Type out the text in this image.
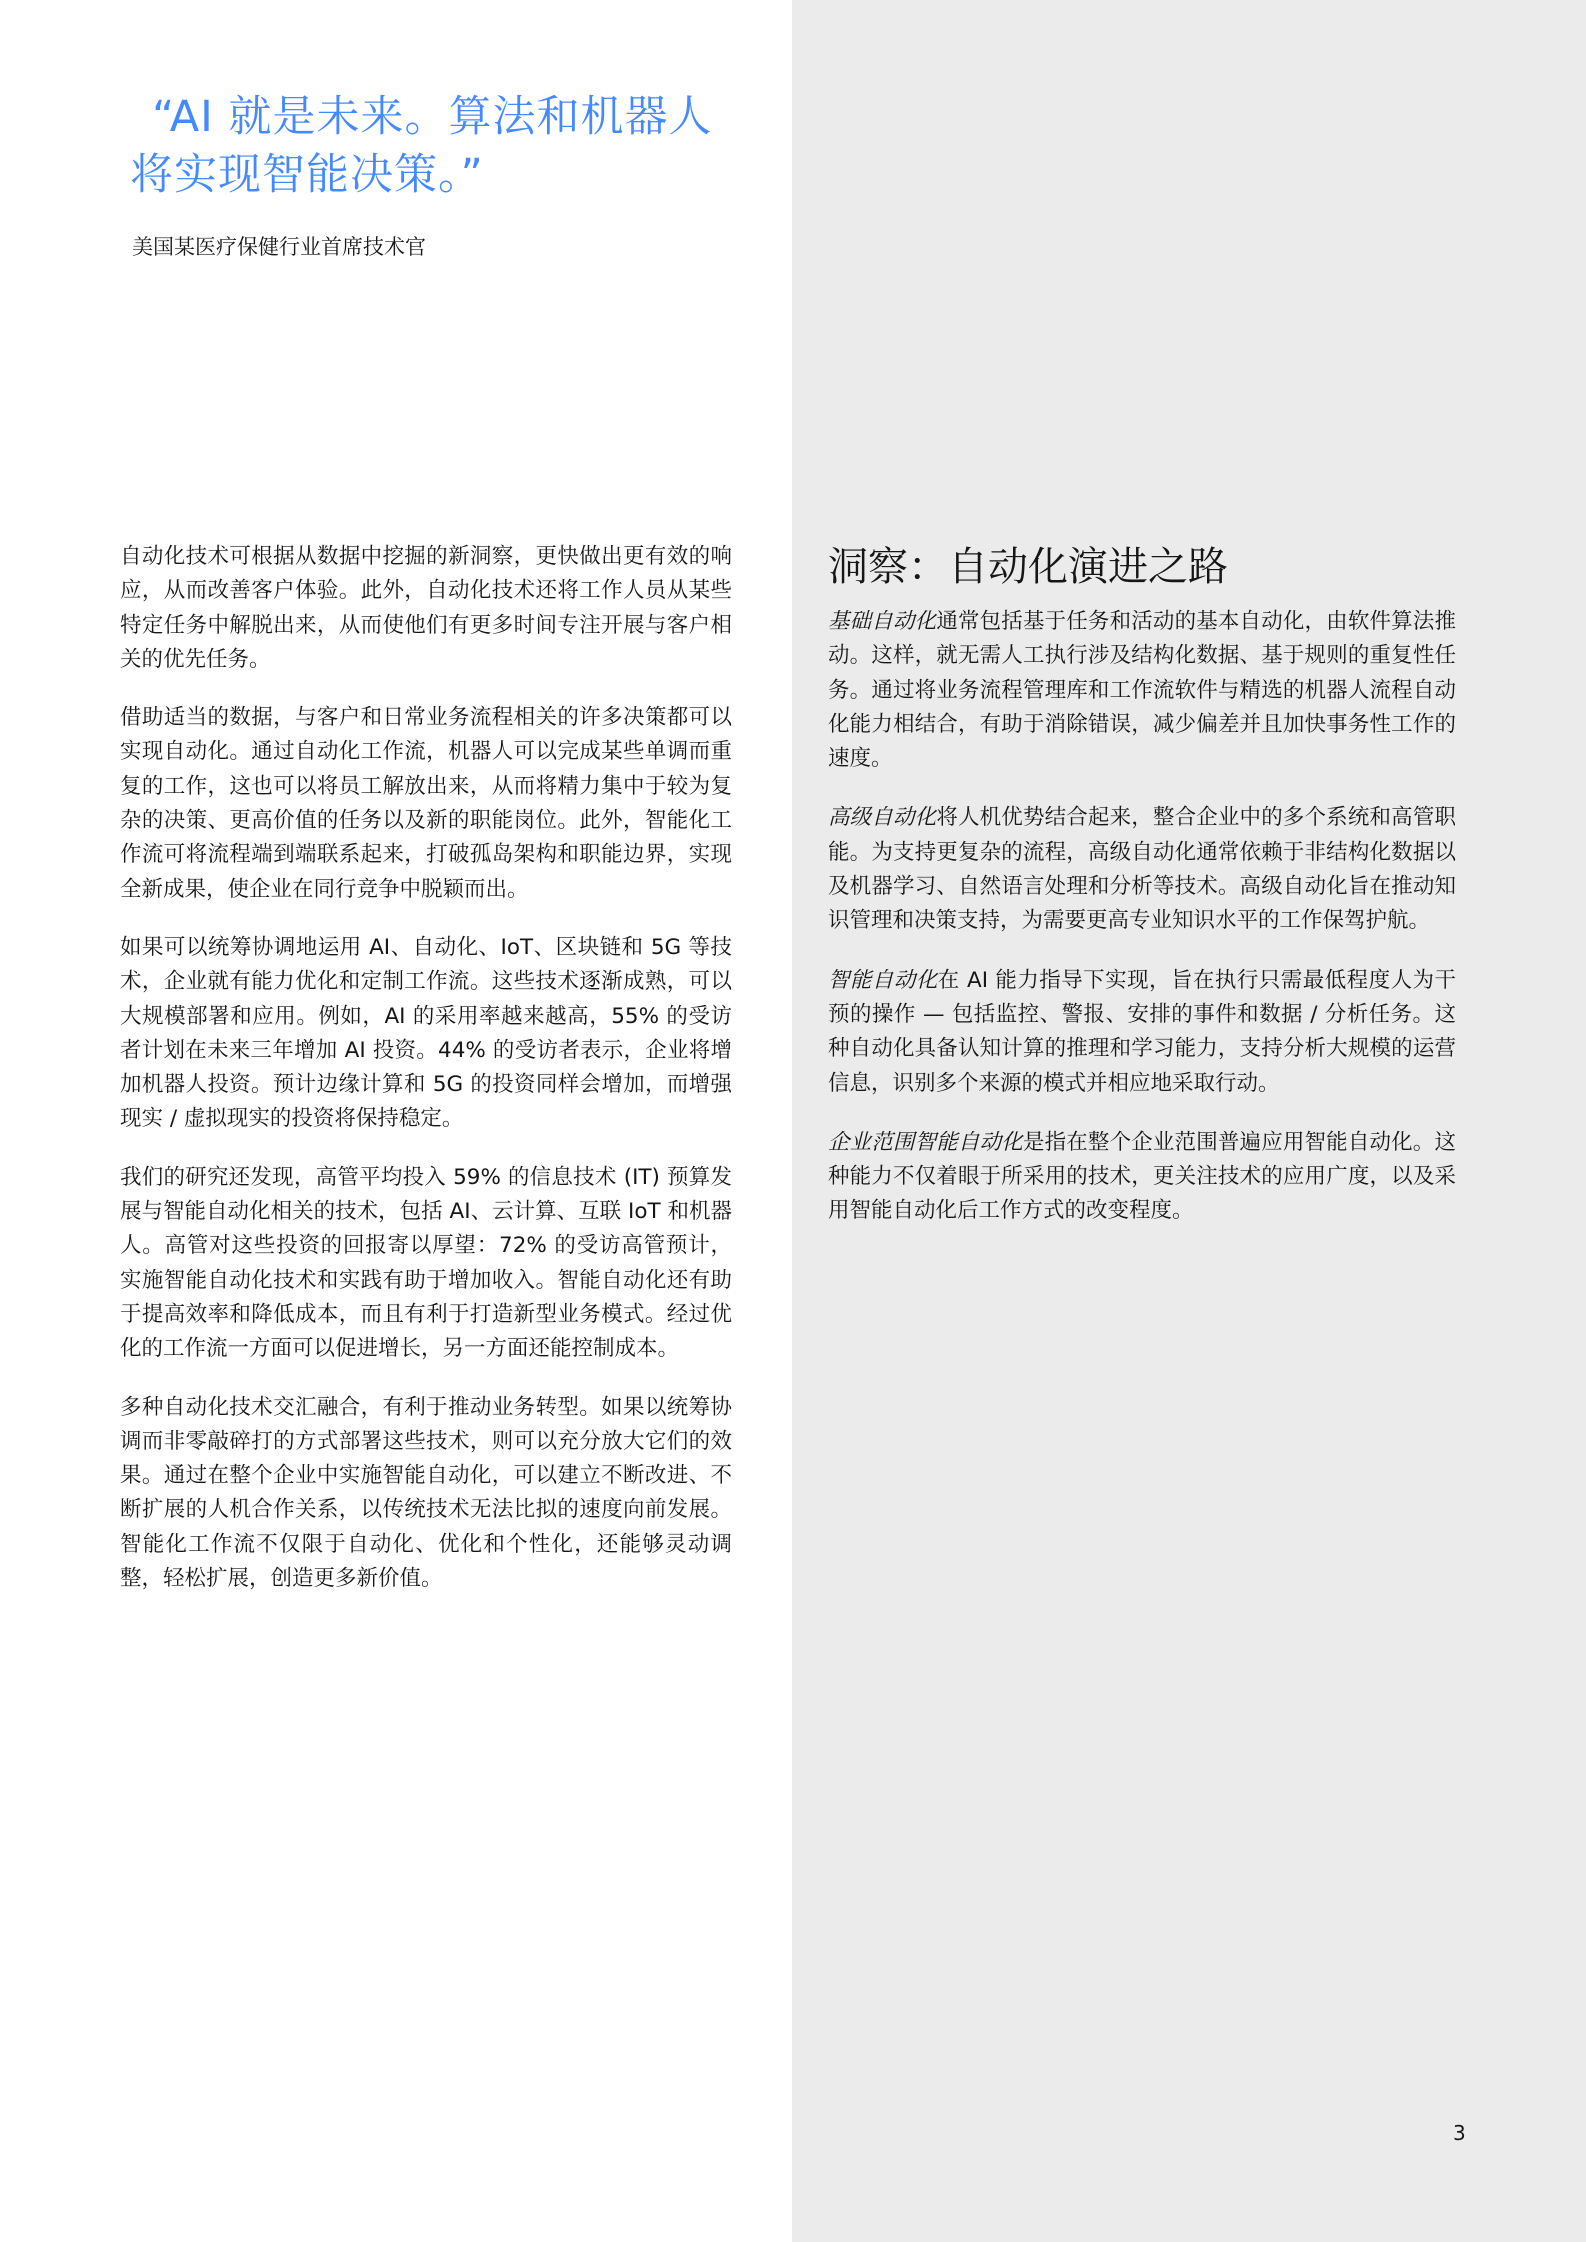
“AI 就是未来。算法和机器人将实现智能决策。”
美国某医疗保健行业首席技术官

自动化技术可根据从数据中挖掘的新洞察，更快做出更有效的响应，从而改善客户体验。此外，自动化技术还将工作人员从某些特定任务中解脱出来，从而使他们有更多时间专注开展与客户相关的优先任务。

借助适当的数据，与客户和日常业务流程相关的许多决策都可以实现自动化。通过自动化工作流，机器人可以完成某些单调而重复的工作，这也可以将员工解放出来，从而将精力集中于较为复杂的决策、更高价值的任务以及新的职能岗位。此外，智能化工作流可将流程端到端联系起来，打破孤岛架构和职能边界，实现全新成果，使企业在同行竞争中脱颖而出。

如果可以统筹协调地运用 AI、自动化、IoT、区块链和 5G 等技术，企业就有能力优化和定制工作流。这些技术逐渐成熟，可以大规模部署和应用。例如，AI 的采用率越来越高，55% 的受访者计划在未来三年增加 AI 投资。44% 的受访者表示，企业将增加机器人投资。预计边缘计算和 5G 的投资同样会增加，而增强现实 / 虚拟现实的投资将保持稳定。

我们的研究还发现，高管平均投入 59% 的信息技术 (IT) 预算发展与智能自动化相关的技术，包括 AI、云计算、互联 IoT 和机器人。高管对这些投资的回报寄以厚望：72% 的受访高管预计，实施智能自动化技术和实践有助于增加收入。智能自动化还有助于提高效率和降低成本，而且有利于打造新型业务模式。经过优化的工作流一方面可以促进增长，另一方面还能控制成本。

多种自动化技术交汇融合，有利于推动业务转型。如果以统筹协调而非零敲碎打的方式部署这些技术，则可以充分放大它们的效果。通过在整个企业中实施智能自动化，可以建立不断改进、不断扩展的人机合作关系，以传统技术无法比拟的速度向前发展。智能化工作流不仅限于自动化、优化和个性化，还能够灵动调整，轻松扩展，创造更多新价值。

洞察：自动化演进之路

基础自动化通常包括基于任务和活动的基本自动化，由软件算法推动。这样，就无需人工执行涉及结构化数据、基于规则的重复性任务。通过将业务流程管理库和工作流软件与精选的机器人流程自动化能力相结合，有助于消除错误，减少偏差并且加快事务性工作的速度。

高级自动化将人机优势结合起来，整合企业中的多个系统和高管职能。为支持更复杂的流程，高级自动化通常依赖于非结构化数据以及机器学习、自然语言处理和分析等技术。高级自动化旨在推动知识管理和决策支持，为需要更高专业知识水平的工作保驾护航。

智能自动化在 AI 能力指导下实现，旨在执行只需最低程度人为干预的操作 — 包括监控、警报、安排的事件和数据 / 分析任务。这种自动化具备认知计算的推理和学习能力，支持分析大规模的运营信息，识别多个来源的模式并相应地采取行动。

企业范围智能自动化是指在整个企业范围普遍应用智能自动化。这种能力不仅着眼于所采用的技术，更关注技术的应用广度，以及采用智能自动化后工作方式的改变程度。

3
